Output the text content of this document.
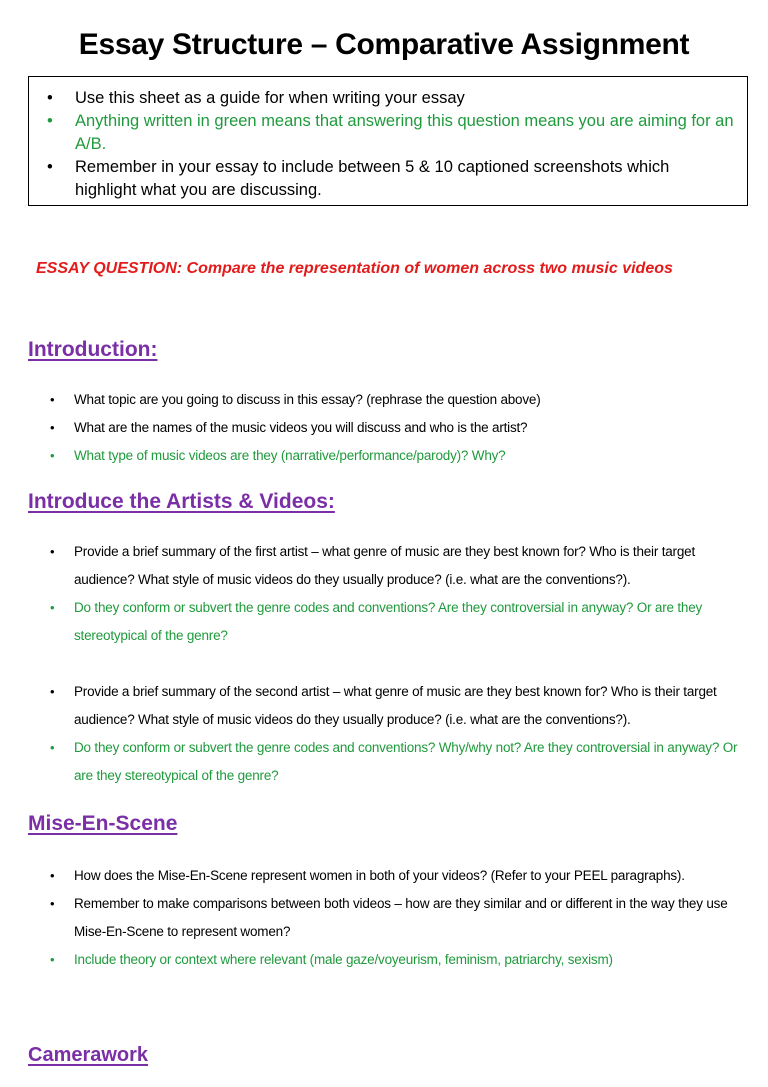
Essay Structure – Comparative Assignment
• Use this sheet as a guide for when writing your essay
• Anything written in green means that answering this question means you are aiming for an A/B.
• Remember in your essay to include between 5 & 10 captioned screenshots which highlight what you are discussing.

ESSAY QUESTION: Compare the representation of women across two music videos

Introduction:
• What topic are you going to discuss in this essay? (rephrase the question above)
• What are the names of the music videos you will discuss and who is the artist?
• What type of music videos are they (narrative/performance/parody)? Why?
Introduce the Artists & Videos:
• Provide a brief summary of the first artist – what genre of music are they best known for? Who is their target audience? What style of music videos do they usually produce? (i.e. what are the conventions?).
• Do they conform or subvert the genre codes and conventions? Are they controversial in anyway? Or are they stereotypical of the genre?
• Provide a brief summary of the second artist – what genre of music are they best known for? Who is their target audience? What style of music videos do they usually produce? (i.e. what are the conventions?).
• Do they conform or subvert the genre codes and conventions? Why/why not? Are they controversial in anyway? Or are they stereotypical of the genre?
Mise-En-Scene
• How does the Mise-En-Scene represent women in both of your videos? (Refer to your PEEL paragraphs).
• Remember to make comparisons between both videos – how are they similar and or different in the way they use Mise-En-Scene to represent women?
• Include theory or context where relevant (male gaze/voyeurism, feminism, patriarchy, sexism)
Camerawork
